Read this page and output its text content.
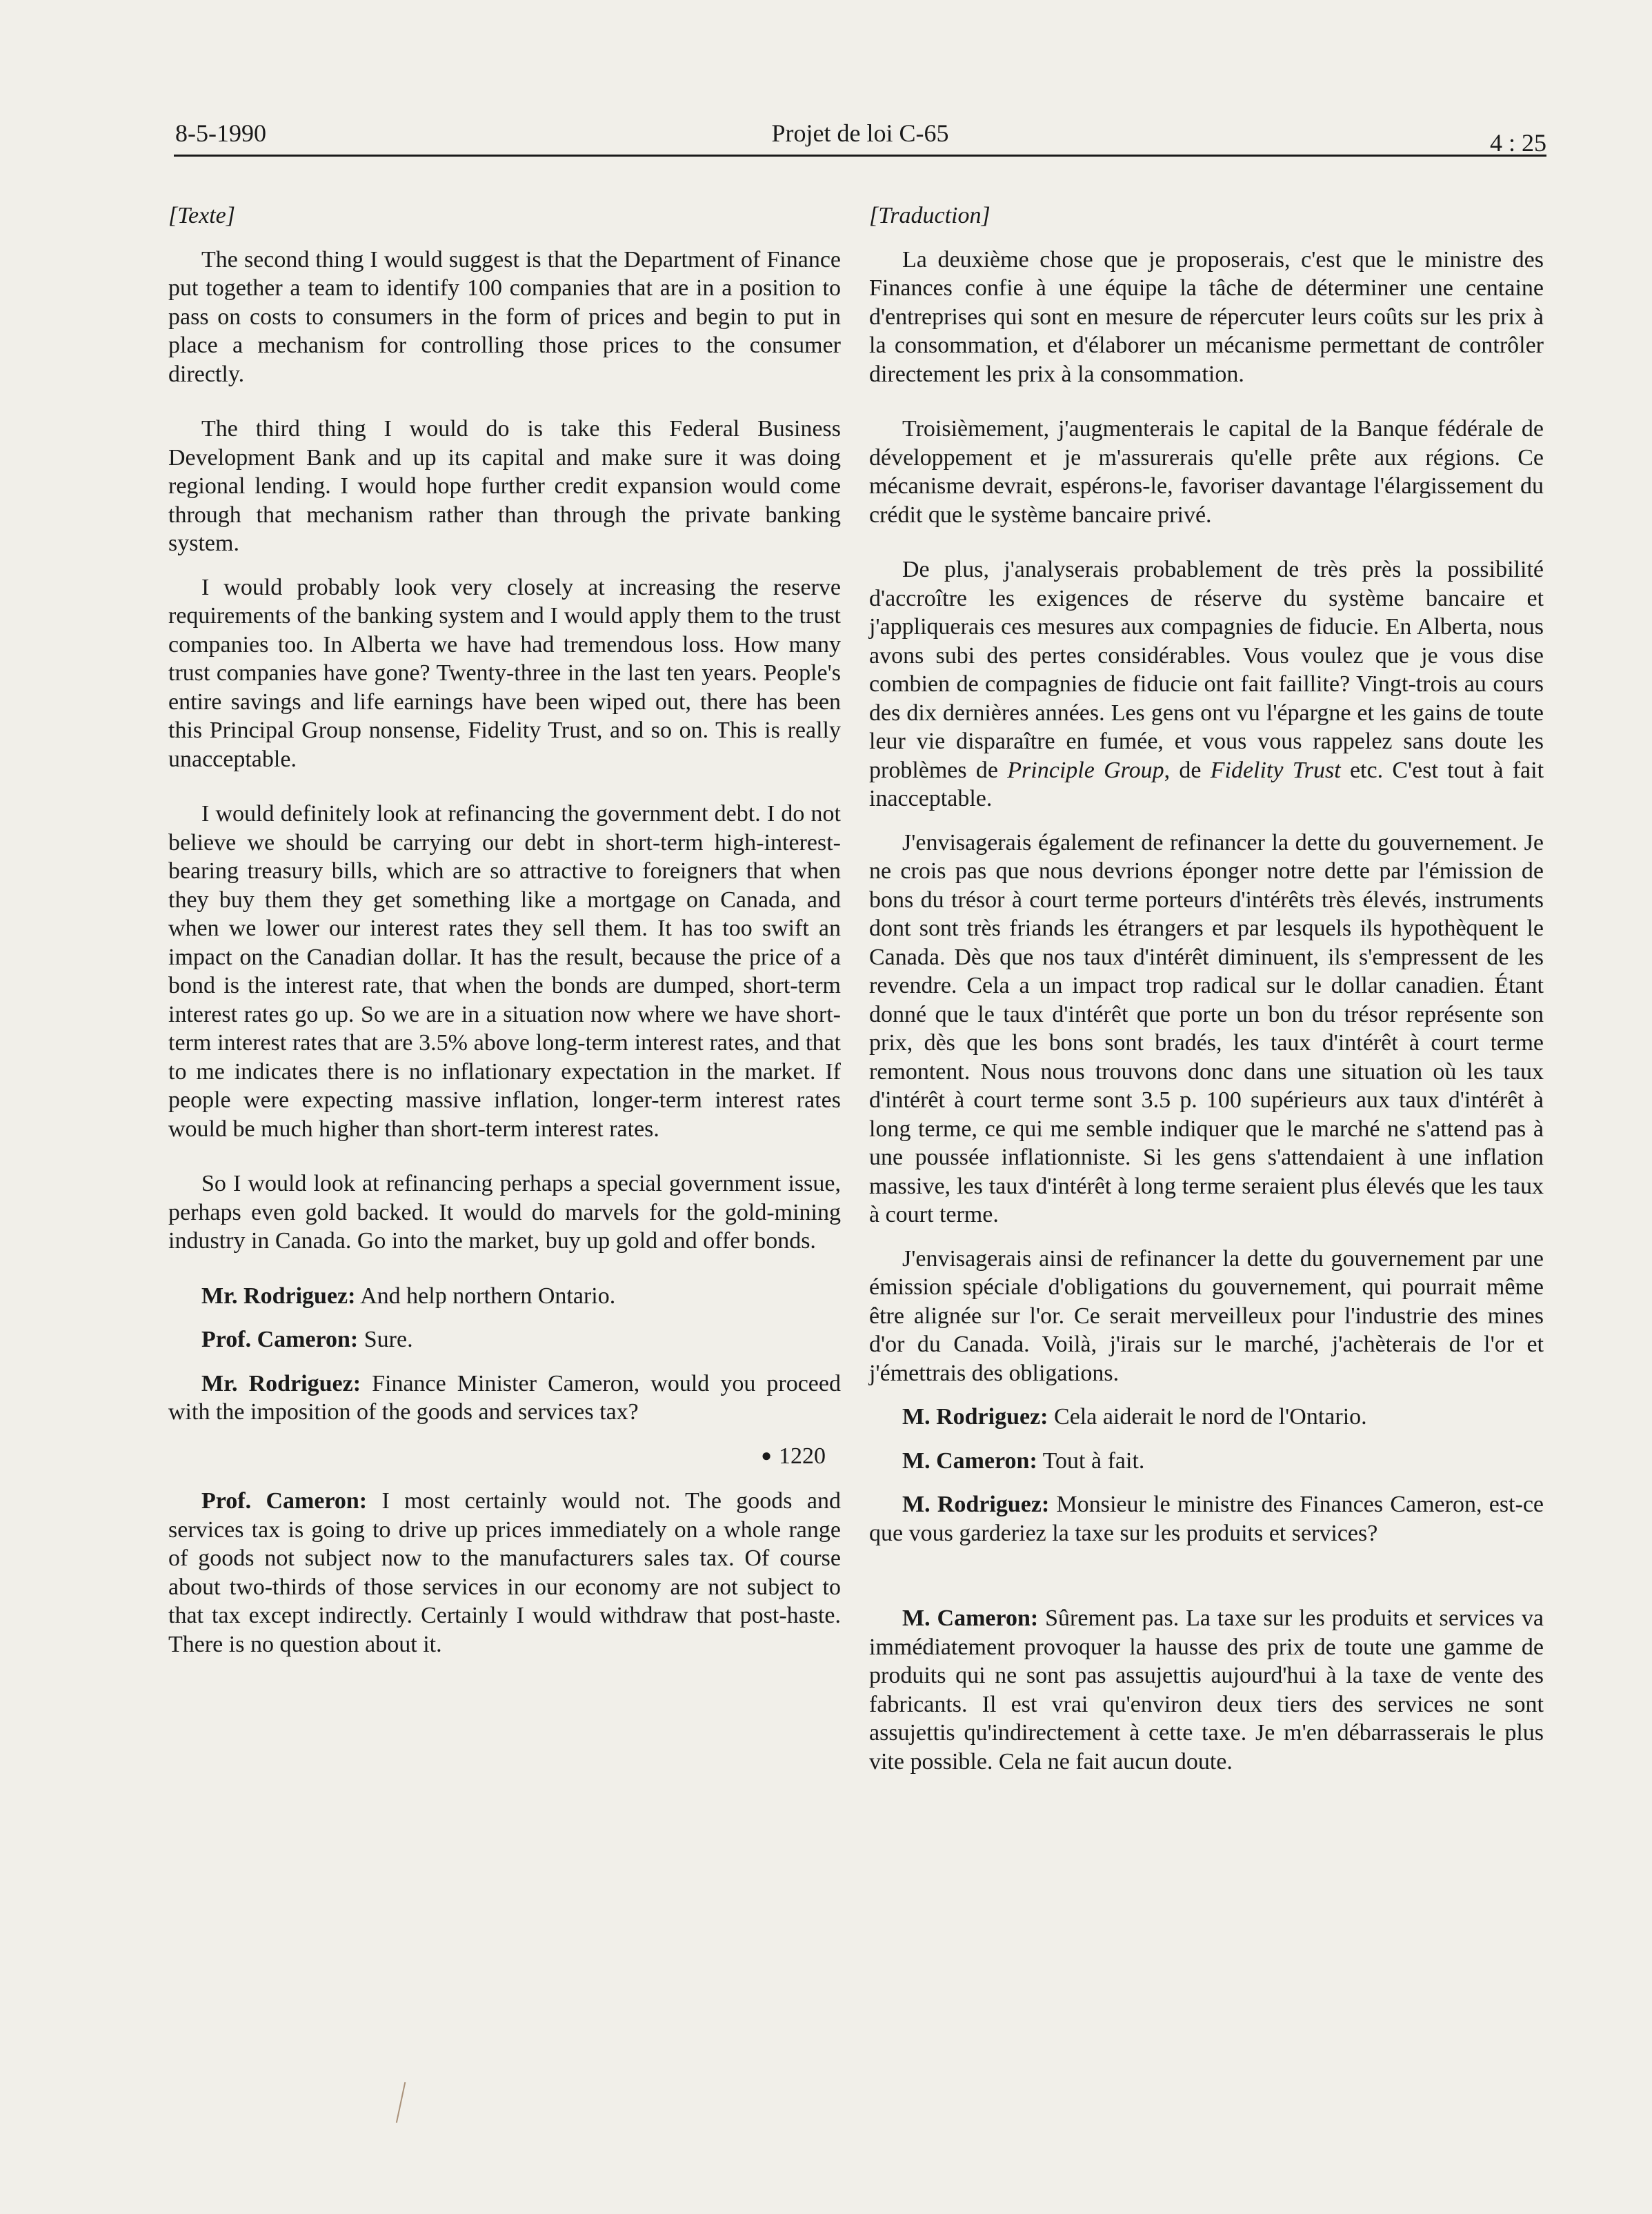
8-5-1990	Projet de loi C-65	4 : 25

[Texte]

The second thing I would suggest is that the Department of Finance put together a team to identify 100 companies that are in a position to pass on costs to consumers in the form of prices and begin to put in place a mechanism for controlling those prices to the consumer directly.

The third thing I would do is take this Federal Business Development Bank and up its capital and make sure it was doing regional lending. I would hope further credit expansion would come through that mechanism rather than through the private banking system.

I would probably look very closely at increasing the reserve requirements of the banking system and I would apply them to the trust companies too. In Alberta we have had tremendous loss. How many trust companies have gone? Twenty-three in the last ten years. People's entire savings and life earnings have been wiped out, there has been this Principal Group nonsense, Fidelity Trust, and so on. This is really unacceptable.

I would definitely look at refinancing the government debt. I do not believe we should be carrying our debt in short-term high-interest-bearing treasury bills, which are so attractive to foreigners that when they buy them they get something like a mortgage on Canada, and when we lower our interest rates they sell them. It has too swift an impact on the Canadian dollar. It has the result, because the price of a bond is the interest rate, that when the bonds are dumped, short-term interest rates go up. So we are in a situation now where we have short-term interest rates that are 3.5% above long-term interest rates, and that to me indicates there is no inflationary expectation in the market. If people were expecting massive inflation, longer-term interest rates would be much higher than short-term interest rates.

So I would look at refinancing perhaps a special government issue, perhaps even gold backed. It would do marvels for the gold-mining industry in Canada. Go into the market, buy up gold and offer bonds.

Mr. Rodriguez: And help northern Ontario.

Prof. Cameron: Sure.

Mr. Rodriguez: Finance Minister Cameron, would you proceed with the imposition of the goods and services tax?

● 1220

Prof. Cameron: I most certainly would not. The goods and services tax is going to drive up prices immediately on a whole range of goods not subject now to the manufacturers sales tax. Of course about two-thirds of those services in our economy are not subject to that tax except indirectly. Certainly I would withdraw that post-haste. There is no question about it.

[Traduction]

La deuxième chose que je proposerais, c'est que le ministre des Finances confie à une équipe la tâche de déterminer une centaine d'entreprises qui sont en mesure de répercuter leurs coûts sur les prix à la consommation, et d'élaborer un mécanisme permettant de contrôler directement les prix à la consommation.

Troisièmement, j'augmenterais le capital de la Banque fédérale de développement et je m'assurerais qu'elle prête aux régions. Ce mécanisme devrait, espérons-le, favoriser davantage l'élargissement du crédit que le système bancaire privé.

De plus, j'analyserais probablement de très près la possibilité d'accroître les exigences de réserve du système bancaire et j'appliquerais ces mesures aux compagnies de fiducie. En Alberta, nous avons subi des pertes considérables. Vous voulez que je vous dise combien de compagnies de fiducie ont fait faillite? Vingt-trois au cours des dix dernières années. Les gens ont vu l'épargne et les gains de toute leur vie disparaître en fumée, et vous vous rappelez sans doute les problèmes de Principle Group, de Fidelity Trust etc. C'est tout à fait inacceptable.

J'envisagerais également de refinancer la dette du gouvernement. Je ne crois pas que nous devrions éponger notre dette par l'émission de bons du trésor à court terme porteurs d'intérêts très élevés, instruments dont sont très friands les étrangers et par lesquels ils hypothèquent le Canada. Dès que nos taux d'intérêt diminuent, ils s'empressent de les revendre. Cela a un impact trop radical sur le dollar canadien. Étant donné que le taux d'intérêt que porte un bon du trésor représente son prix, dès que les bons sont bradés, les taux d'intérêt à court terme remontent. Nous nous trouvons donc dans une situation où les taux d'intérêt à court terme sont 3.5 p. 100 supérieurs aux taux d'intérêt à long terme, ce qui me semble indiquer que le marché ne s'attend pas à une poussée inflationniste. Si les gens s'attendaient à une inflation massive, les taux d'intérêt à long terme seraient plus élevés que les taux à court terme.

J'envisagerais ainsi de refinancer la dette du gouvernement par une émission spéciale d'obligations du gouvernement, qui pourrait même être alignée sur l'or. Ce serait merveilleux pour l'industrie des mines d'or du Canada. Voilà, j'irais sur le marché, j'achèterais de l'or et j'émettrais des obligations.

M. Rodriguez: Cela aiderait le nord de l'Ontario.

M. Cameron: Tout à fait.

M. Rodriguez: Monsieur le ministre des Finances Cameron, est-ce que vous garderiez la taxe sur les produits et services?

M. Cameron: Sûrement pas. La taxe sur les produits et services va immédiatement provoquer la hausse des prix de toute une gamme de produits qui ne sont pas assujettis aujourd'hui à la taxe de vente des fabricants. Il est vrai qu'environ deux tiers des services ne sont assujettis qu'indirectement à cette taxe. Je m'en débarrasserais le plus vite possible. Cela ne fait aucun doute.
